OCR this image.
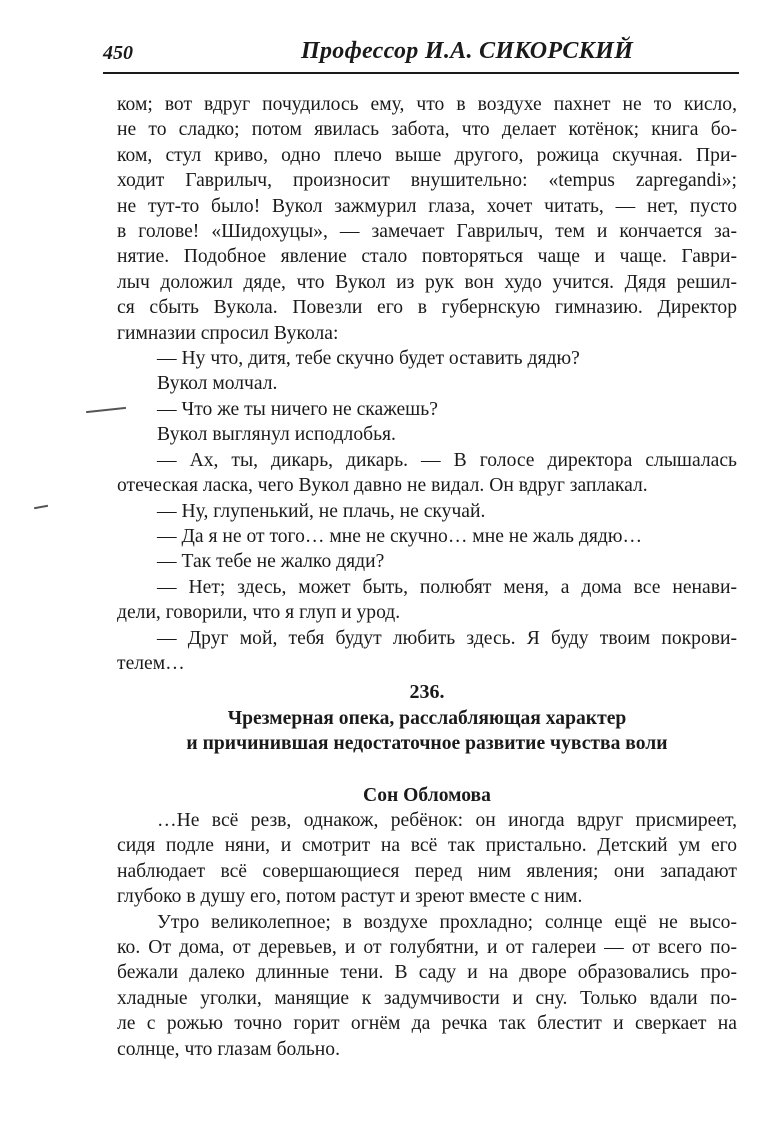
450	Профессор И.А. СИКОРСКИЙ

ком; вот вдруг почудилось ему, что в воздухе пахнет не то кисло,
не то сладко; потом явилась забота, что делает котёнок; книга бо-
ком, стул криво, одно плечо выше другого, рожица скучная. При-
ходит Гаврилыч, произносит внушительно: «tempus zapregandi»;
не тут-то было! Вукол зажмурил глаза, хочет читать, — нет, пусто
в голове! «Шидохуцы», — замечает Гаврилыч, тем и кончается за-
нятие. Подобное явление стало повторяться чаще и чаще. Гаври-
лыч доложил дяде, что Вукол из рук вон худо учится. Дядя решил-
ся сбыть Вукола. Повезли его в губернскую гимназию. Директор
гимназии спросил Вукола:

— Ну что, дитя, тебе скучно будет оставить дядю?

Вукол молчал.

— Что же ты ничего не скажешь?

Вукол выглянул исподлобья.

— Ах, ты, дикарь, дикарь. — В голосе директора слышалась
отеческая ласка, чего Вукол давно не видал. Он вдруг заплакал.

— Ну, глупенький, не плачь, не скучай.

— Да я не от того… мне не скучно… мне не жаль дядю…

— Так тебе не жалко дяди?

— Нет; здесь, может быть, полюбят меня, а дома все ненави-
дели, говорили, что я глуп и урод.

— Друг мой, тебя будут любить здесь. Я буду твоим покрови-
телем…

236.
Чрезмерная опека, расслабляющая характер
и причинившая недостаточное развитие чувства воли
Сон Обломова

…Не всё резв, однакож, ребёнок: он иногда вдруг присмиреет,
сидя подле няни, и смотрит на всё так пристально. Детский ум его
наблюдает всё совершающиеся перед ним явления; они западают
глубоко в душу его, потом растут и зреют вместе с ним.

Утро великолепное; в воздухе прохладно; солнце ещё не высо-
ко. От дома, от деревьев, и от голубятни, и от галереи — от всего по-
бежали далеко длинные тени. В саду и на дворе образовались про-
хладные уголки, манящие к задумчивости и сну. Только вдали по-
ле с рожью точно горит огнём да речка так блестит и сверкает на
солнце, что глазам больно.
